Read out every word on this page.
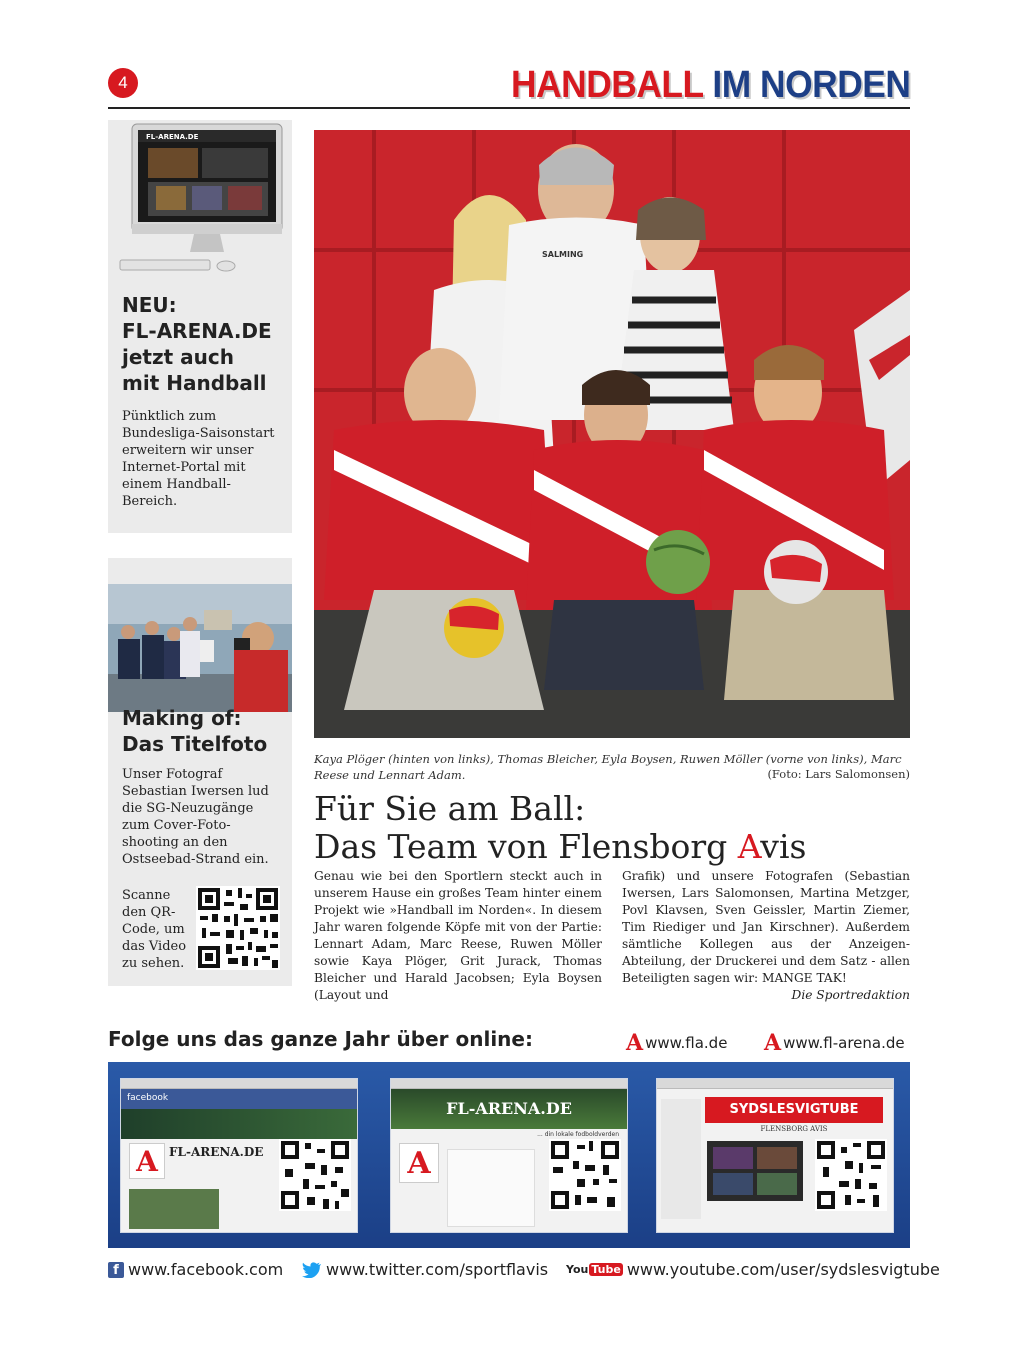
4	HANDBALL IM NORDEN
FL-ARENA.DE
NEU:
FL-ARENA.DE
jetzt auch
mit Handball
Pünktlich zum Bundesliga-Saisonstart erweitern wir unser Internet-Portal mit einem Handball-Bereich.
Making of:
Das Titelfoto
Unser Fotograf Sebastian Iwersen lud die SG-Neuzugänge zum Cover-Foto-shooting an den Ostseebad-Strand ein.
Scanne den QR-Code, um das Video zu sehen.
SALMING
Kaya Plöger (hinten von links), Thomas Bleicher, Eyla Boysen, Ruwen Möller (vorne von links), Marc Reese und Lennart Adam.	(Foto: Lars Salomonsen)
Für Sie am Ball:
Das Team von Flensborg Avis
Genau wie bei den Sportlern steckt auch in unserem Hause ein großes Team hinter einem Projekt wie »Handball im Norden«. In diesem Jahr waren folgende Köpfe mit von der Partie: Lennart Adam, Marc Reese, Ruwen Möller sowie Kaya Plöger, Grit Jurack, Thomas Bleicher und Harald Jacobsen; Eyla Boysen (Layout und
Grafik) und unsere Fotografen (Sebastian Iwersen, Lars Salomonsen, Martina Metzger, Povl Klavsen, Sven Geissler, Martin Ziemer, Tim Riediger und Jan Kirschner). Außerdem sämtliche Kollegen aus der Anzeigen-Abteilung, der Druckerei und dem Satz - allen Beteiligten sagen wir: MANGE TAK!
Die Sportredaktion
Folge uns das ganze Jahr über online:	A www.fla.de A www.fl-arena.de
facebook
FL-ARENA.DE
A
FL-ARENA.DE
... din lokale fodboldverden
A
SYDSLESVIGTUBE
FLENSBORG AVIS
f www.facebook.com	www.twitter.com/sportflavis You Tube www.youtube.com/user/sydslesvigtube
